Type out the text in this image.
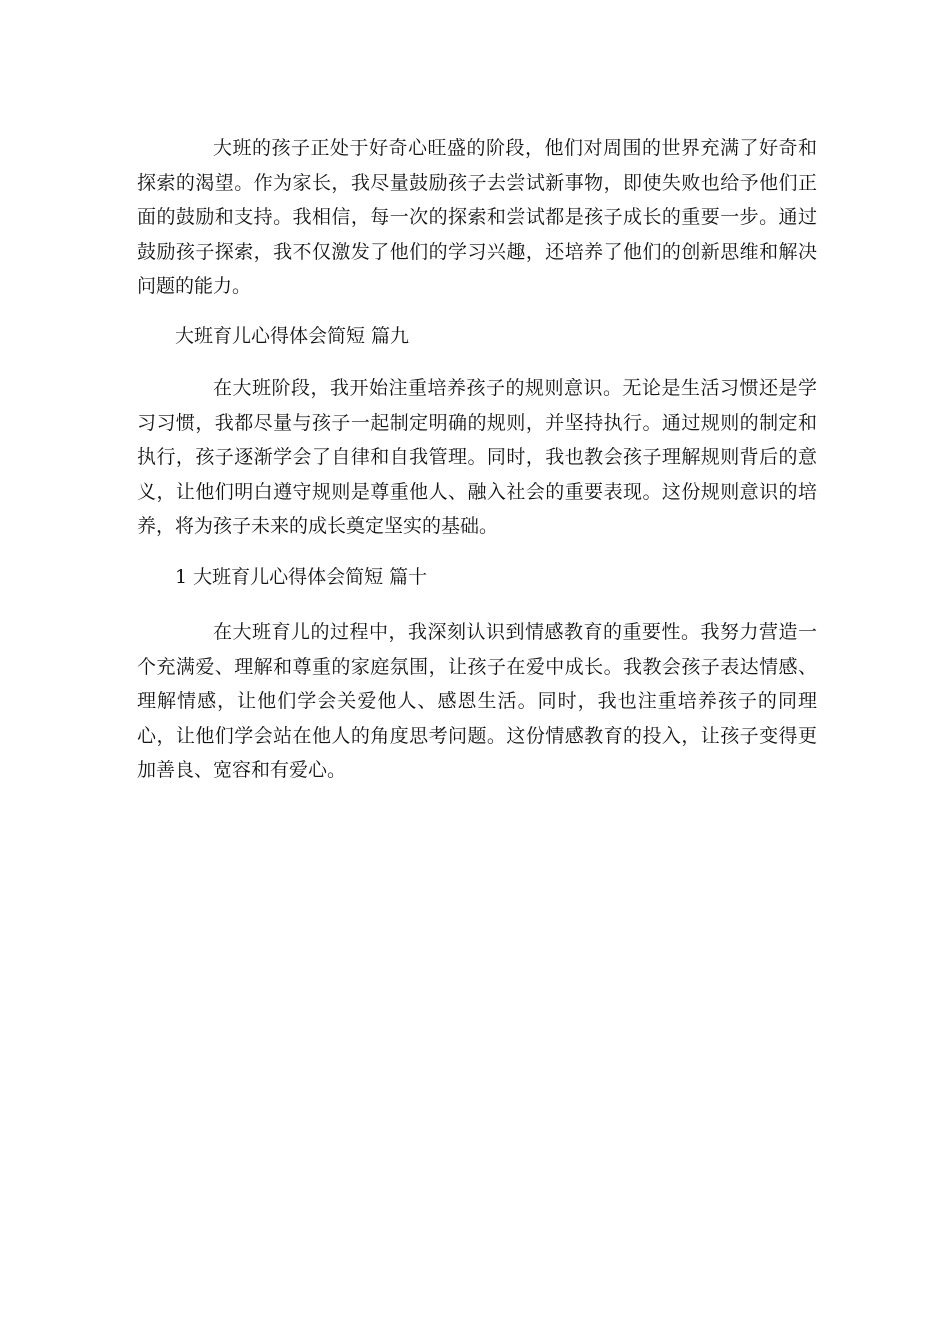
大班的孩子正处于好奇心旺盛的阶段，他们对周围的世界充满了好奇和探索的渴望。作为家长，我尽量鼓励孩子去尝试新事物，即使失败也给予他们正面的鼓励和支持。我相信，每一次的探索和尝试都是孩子成长的重要一步。通过鼓励孩子探索，我不仅激发了他们的学习兴趣，还培养了他们的创新思维和解决问题的能力。

大班育儿心得体会简短 篇九

在大班阶段，我开始注重培养孩子的规则意识。无论是生活习惯还是学习习惯，我都尽量与孩子一起制定明确的规则，并坚持执行。通过规则的制定和执行，孩子逐渐学会了自律和自我管理。同时，我也教会孩子理解规则背后的意义，让他们明白遵守规则是尊重他人、融入社会的重要表现。这份规则意识的培养，将为孩子未来的成长奠定坚实的基础。

1 大班育儿心得体会简短 篇十

在大班育儿的过程中，我深刻认识到情感教育的重要性。我努力营造一个充满爱、理解和尊重的家庭氛围，让孩子在爱中成长。我教会孩子表达情感、理解情感，让他们学会关爱他人、感恩生活。同时，我也注重培养孩子的同理心，让他们学会站在他人的角度思考问题。这份情感教育的投入，让孩子变得更加善良、宽容和有爱心。
